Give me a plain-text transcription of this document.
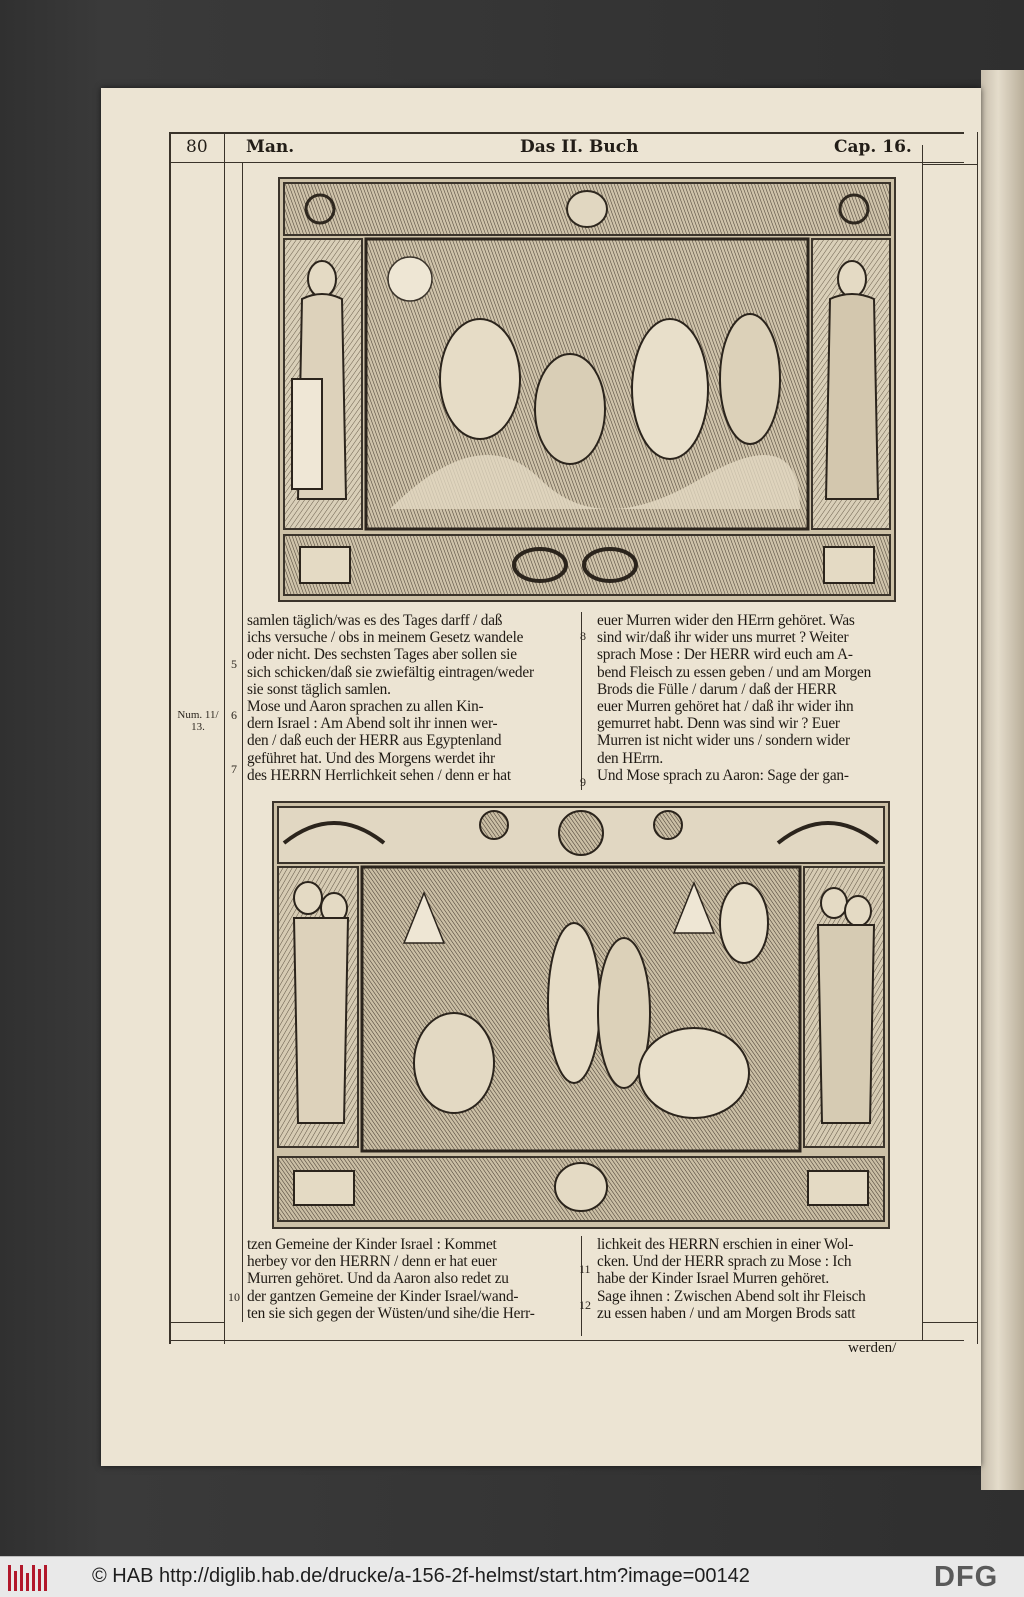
80 Man.	Das II. Buch	Cap. 16.
samlen täglich/was es des Tages darff / daß
ichs versuche / obs in meinem Gesetz wandele
oder nicht. Des sechsten Tages aber sollen sie
sich schicken/daß sie zwiefältig eintragen/weder
sie sonst täglich samlen.
Mose und Aaron sprachen zu allen Kin-
dern Israel : Am Abend solt ihr innen wer-
den / daß euch der HERR aus Egyptenland
geführet hat. Und des Morgens werdet ihr
des HERRN Herrlichkeit sehen / denn er hat
euer Murren wider den HErrn gehöret. Was
sind wir/daß ihr wider uns murret ? Weiter
sprach Mose : Der HERR wird euch am A-
bend Fleisch zu essen geben / und am Morgen
Brods die Fülle / darum / daß der HERR
euer Murren gehöret hat / daß ihr wider ihn
gemurret habt. Denn was sind wir ? Euer
Murren ist nicht wider uns / sondern wider
den HErrn.
Und Mose sprach zu Aaron: Sage der gan-
5
6
7
8
9
10
11
12
Num. 11/
13.
tzen Gemeine der Kinder Israel : Kommet
herbey vor den HERRN / denn er hat euer
Murren gehöret. Und da Aaron also redet zu
der gantzen Gemeine der Kinder Israel/wand-
ten sie sich gegen der Wüsten/und sihe/die Herr-
lichkeit des HERRN erschien in einer Wol-
cken. Und der HERR sprach zu Mose : Ich
habe der Kinder Israel Murren gehöret.
Sage ihnen : Zwischen Abend solt ihr Fleisch
zu essen haben / und am Morgen Brods satt
werden/
© HAB http://diglib.hab.de/drucke/a-156-2f-helmst/start.htm?image=00142	DFG
